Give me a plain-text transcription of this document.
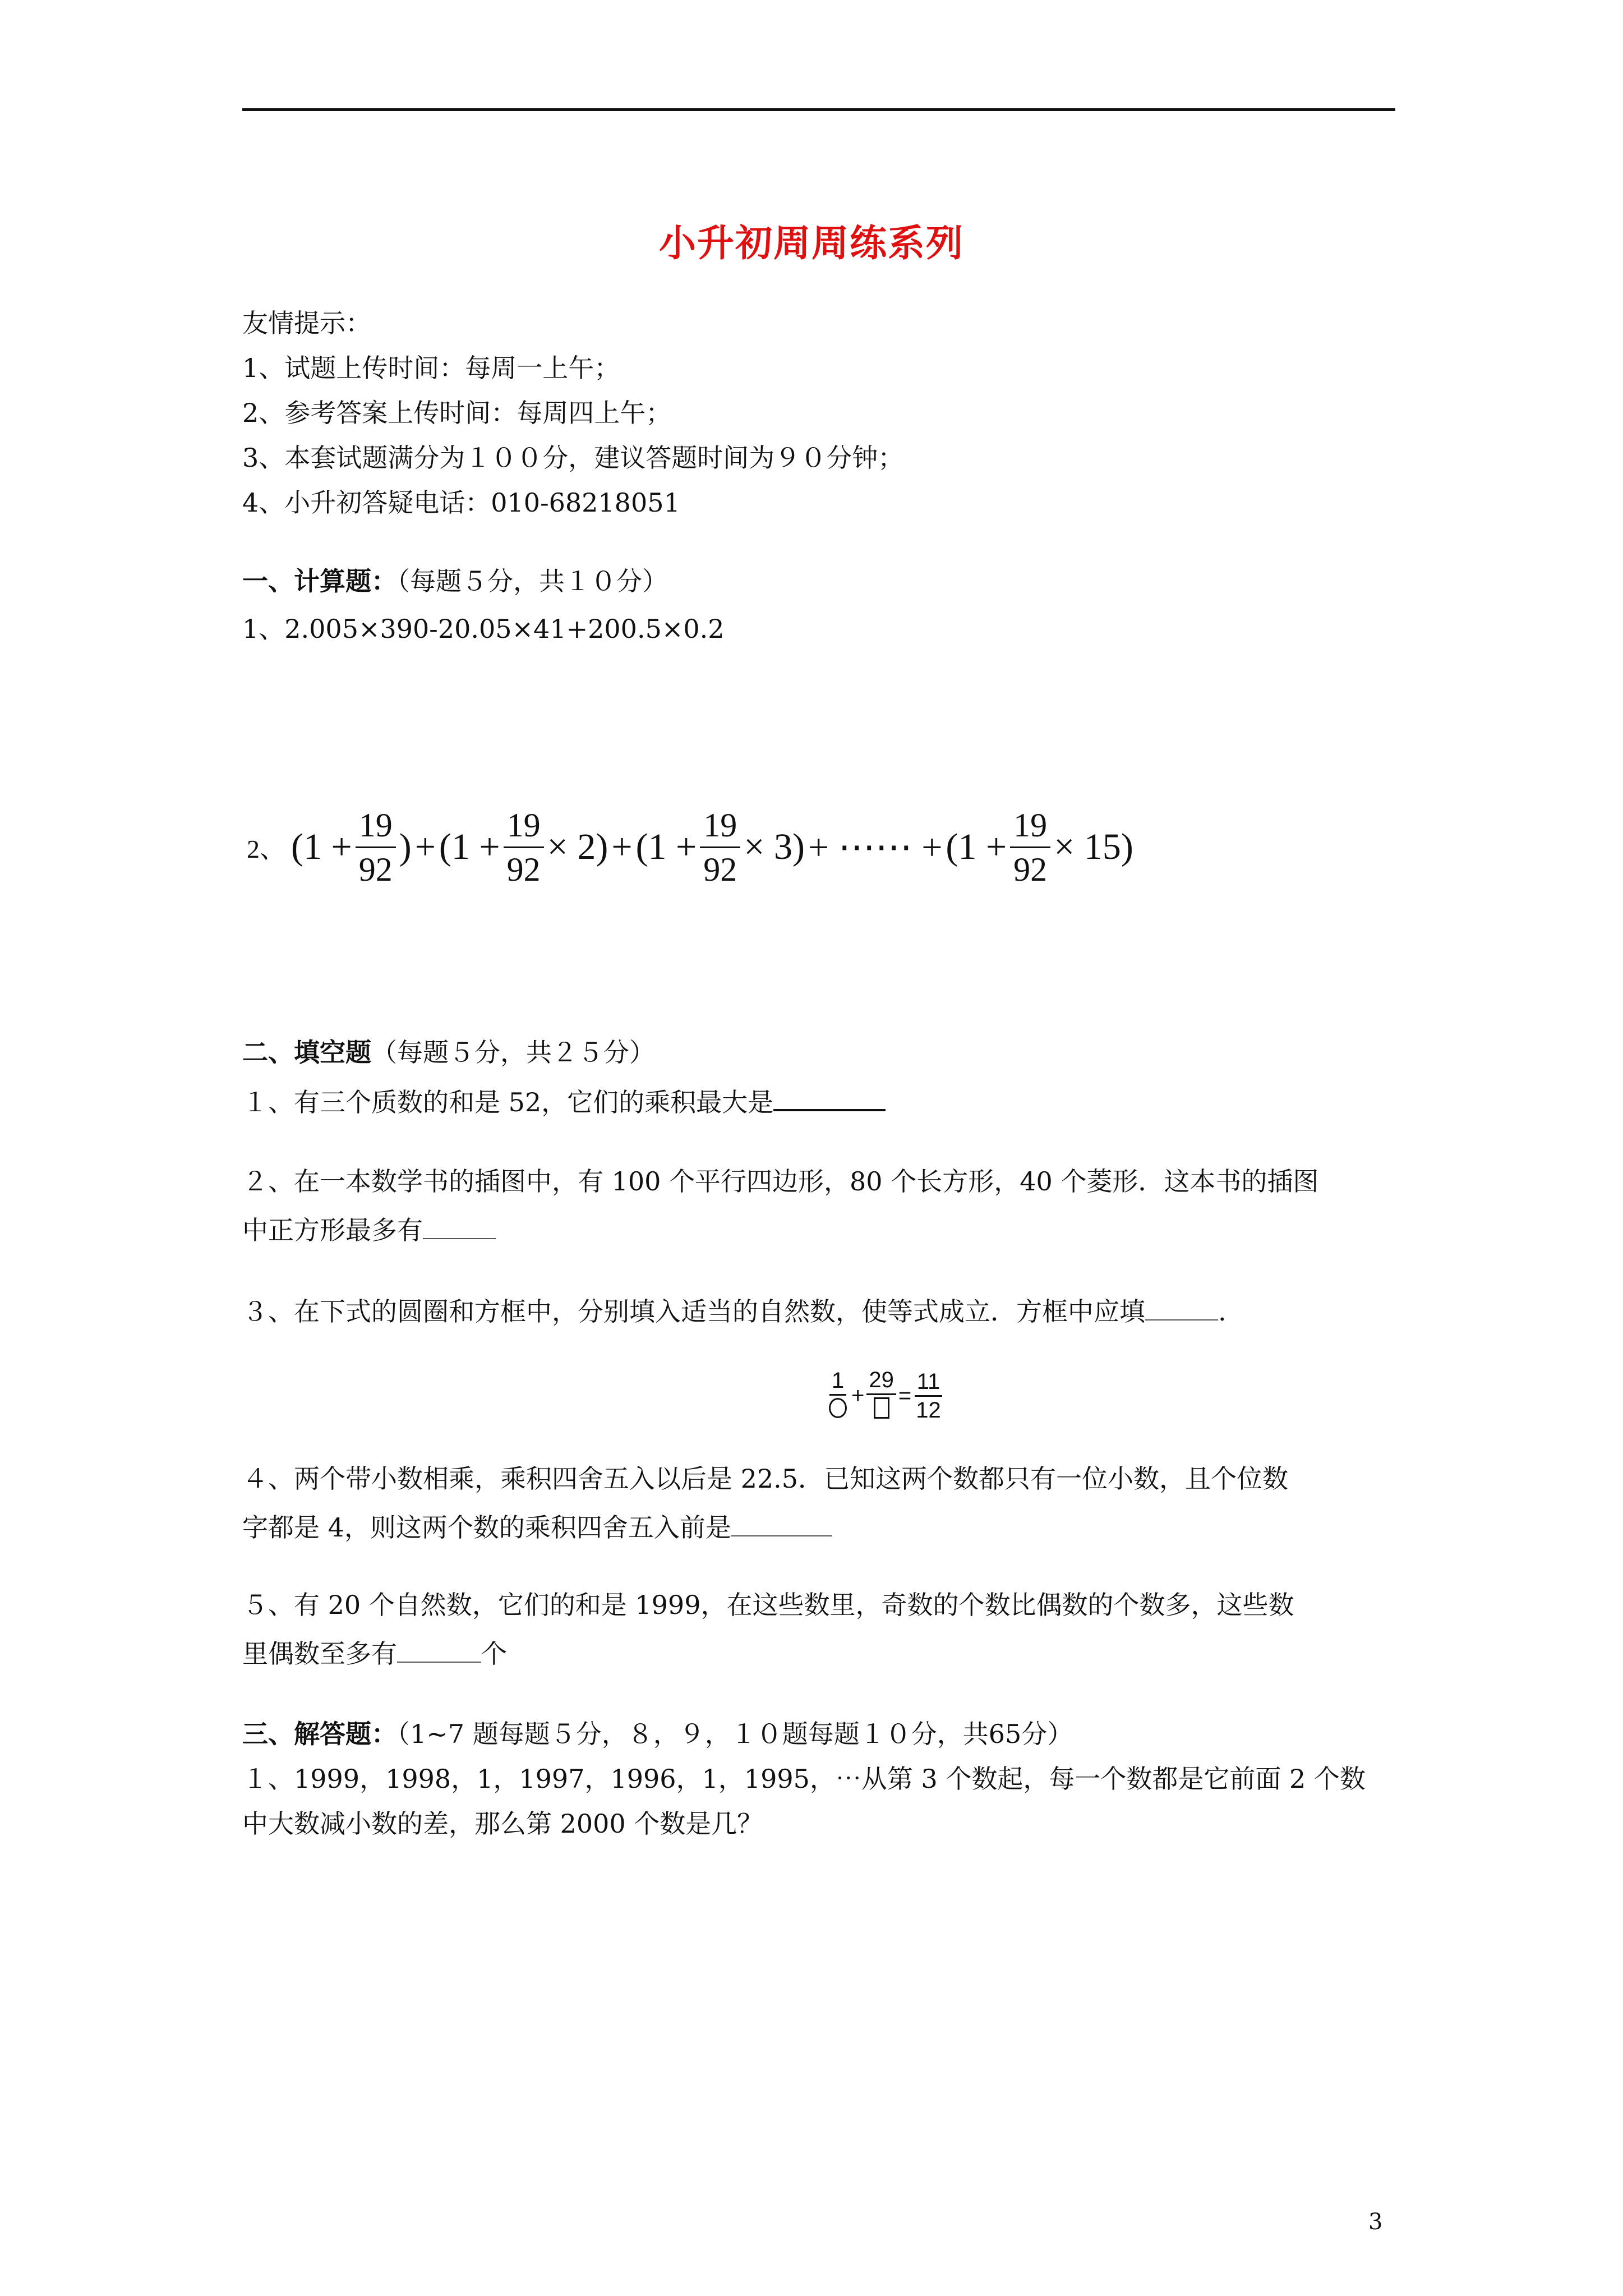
小升初周周练系列
友情提示：
1、试题上传时间：每周一上午；
2、参考答案上传时间：每周四上午；
3、本套试题满分为１００分，建议答题时间为９０分钟；
4、小升初答疑电话：010-68218051
一、计算题：（每题５分，共１０分）
1、2.005×390-20.05×41+200.5×0.2
2、 ($1 + \frac{19}{92}$ ) + $(1 + \frac{19}{92} \times 2) + (1 + \frac{19}{92} \times 3)$ + ⋯⋯ + $(1 + \frac{19}{92} \times 15)$
二、填空题（每题５分，共２５分）
１、有三个质数的和是 52，它们的乘积最大是
２、在一本数学书的插图中，有 100 个平行四边形，80 个长方形，40 个菱形．这本书的插图
中正方形最多有
３、在下式的圆圈和方框中，分别填入适当的自然数，使等式成立．方框中应填	.
1
+
29
= $\frac{11}{12}$
４、两个带小数相乘，乘积四舍五入以后是 22.5．已知这两个数都只有一位小数，且个位数
字都是 4，则这两个数的乘积四舍五入前是
５、有 20 个自然数，它们的和是 1999，在这些数里，奇数的个数比偶数的个数多，这些数
里偶数至多有	个
三、解答题：（1~7 题每题５分，８，９，１０题每题１０分，共65分）
１、1999，1998，1，1997，1996，1，1995，⋯从第 3 个数起，每一个数都是它前面 2 个数
中大数减小数的差，那么第 2000 个数是几？
3
